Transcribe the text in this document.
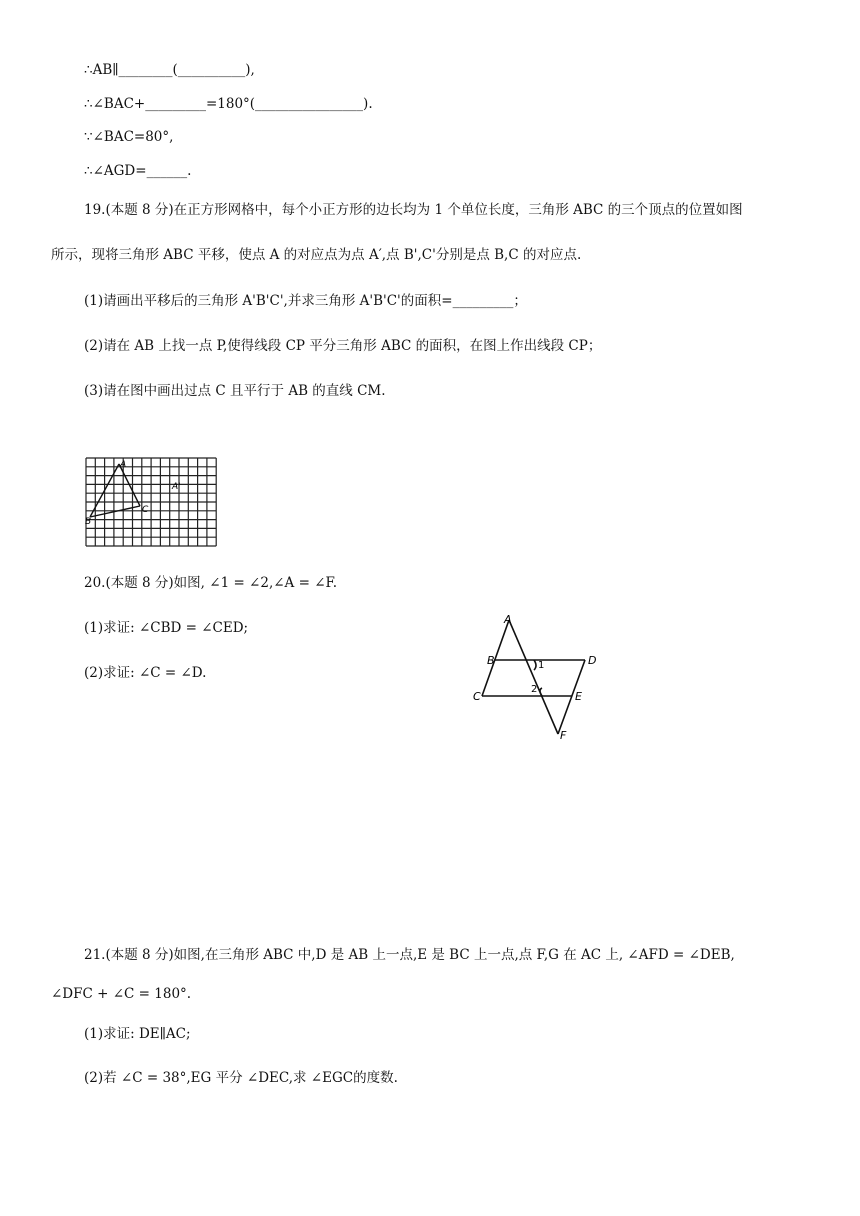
∴AB∥________(__________),
∴∠BAC+_________=180°(________________).
∵∠BAC=80°,
∴∠AGD=______.
19.(本题 8 分)在正方形网格中，每个小正方形的边长均为 1 个单位长度，三角形 ABC 的三个顶点的位置如图
所示，现将三角形 ABC 平移，使点 A 的对应点为点 A′,点 B',C'分别是点 B,C 的对应点.
(1)请画出平移后的三角形 A'B'C',并求三角形 A'B'C'的面积=_________；
(2)请在 AB 上找一点 P,使得线段 CP 平分三角形 ABC 的面积，在图上作出线段 CP；
(3)请在图中画出过点 C 且平行于 AB 的直线 CM.
A
A'
B
C
20.(本题 8 分)如图, ∠1 = ∠2,∠A = ∠F.
(1)求证: ∠CBD = ∠CED;
(2)求证: ∠C = ∠D.
A
B
C
D
E
F
1
2
21.(本题 8 分)如图,在三角形 ABC 中,D 是 AB 上一点,E 是 BC 上一点,点 F,G 在 AC 上, ∠AFD = ∠DEB,
∠DFC + ∠C = 180°.
(1)求证: DE∥AC;
(2)若 ∠C = 38°,EG 平分 ∠DEC,求 ∠EGC的度数.
